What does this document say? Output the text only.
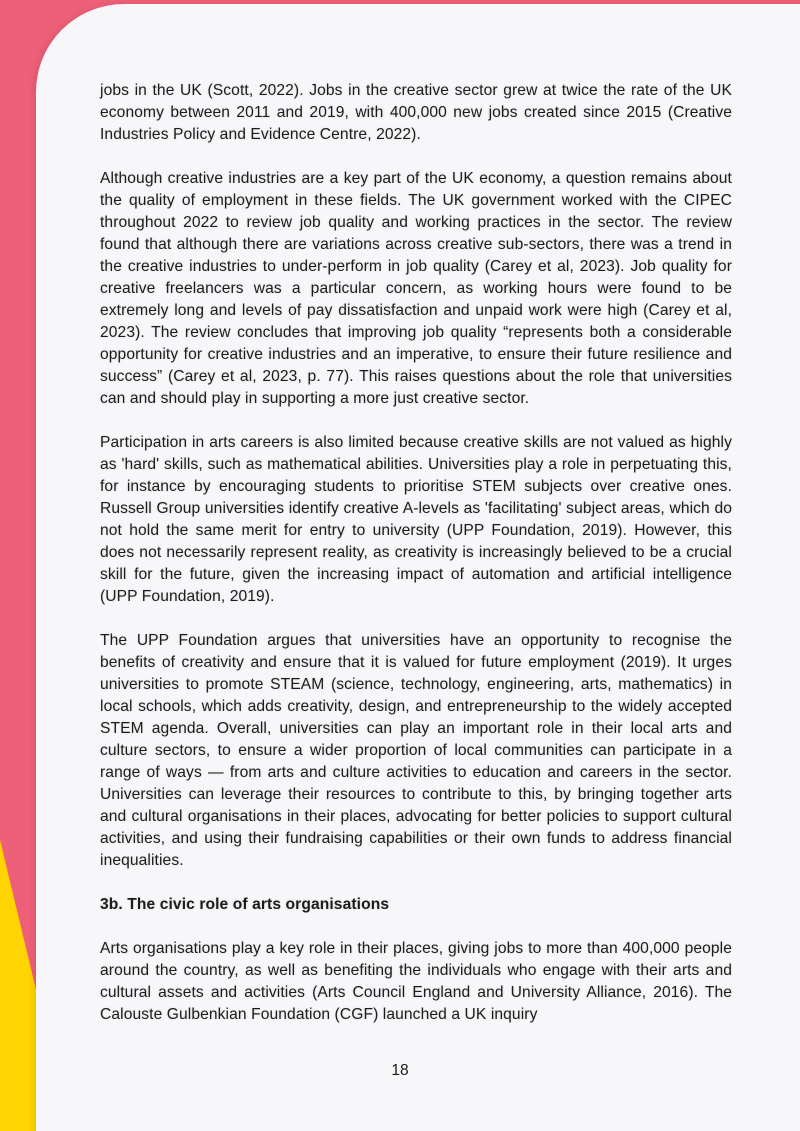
jobs in the UK (Scott, 2022). Jobs in the creative sector grew at twice the rate of the UK economy between 2011 and 2019, with 400,000 new jobs created since 2015 (Creative Industries Policy and Evidence Centre, 2022).

Although creative industries are a key part of the UK economy, a question remains about the quality of employment in these fields. The UK government worked with the CIPEC throughout 2022 to review job quality and working practices in the sector. The review found that although there are variations across creative sub-sectors, there was a trend in the creative industries to under-perform in job quality (Carey et al, 2023). Job quality for creative freelancers was a particular concern, as working hours were found to be extremely long and levels of pay dissatisfaction and unpaid work were high (Carey et al, 2023). The review concludes that improving job quality “represents both a considerable opportunity for creative industries and an imperative, to ensure their future resilience and success” (Carey et al, 2023, p. 77). This raises questions about the role that universities can and should play in supporting a more just creative sector.

Participation in arts careers is also limited because creative skills are not valued as highly as 'hard' skills, such as mathematical abilities. Universities play a role in perpetuating this, for instance by encouraging students to prioritise STEM subjects over creative ones. Russell Group universities identify creative A-levels as 'facilitating' subject areas, which do not hold the same merit for entry to university (UPP Foundation, 2019). However, this does not necessarily represent reality, as creativity is increasingly believed to be a crucial skill for the future, given the increasing impact of automation and artificial intelligence (UPP Foundation, 2019).

The UPP Foundation argues that universities have an opportunity to recognise the benefits of creativity and ensure that it is valued for future employment (2019). It urges universities to promote STEAM (science, technology, engineering, arts, mathematics) in local schools, which adds creativity, design, and entrepreneurship to the widely accepted STEM agenda. Overall, universities can play an important role in their local arts and culture sectors, to ensure a wider proportion of local communities can participate in a range of ways — from arts and culture activities to education and careers in the sector. Universities can leverage their resources to contribute to this, by bringing together arts and cultural organisations in their places, advocating for better policies to support cultural activities, and using their fundraising capabilities or their own funds to address financial inequalities.

3b. The civic role of arts organisations

Arts organisations play a key role in their places, giving jobs to more than 400,000 people around the country, as well as benefiting the individuals who engage with their arts and cultural assets and activities (Arts Council England and University Alliance, 2016). The Calouste Gulbenkian Foundation (CGF) launched a UK inquiry

18
